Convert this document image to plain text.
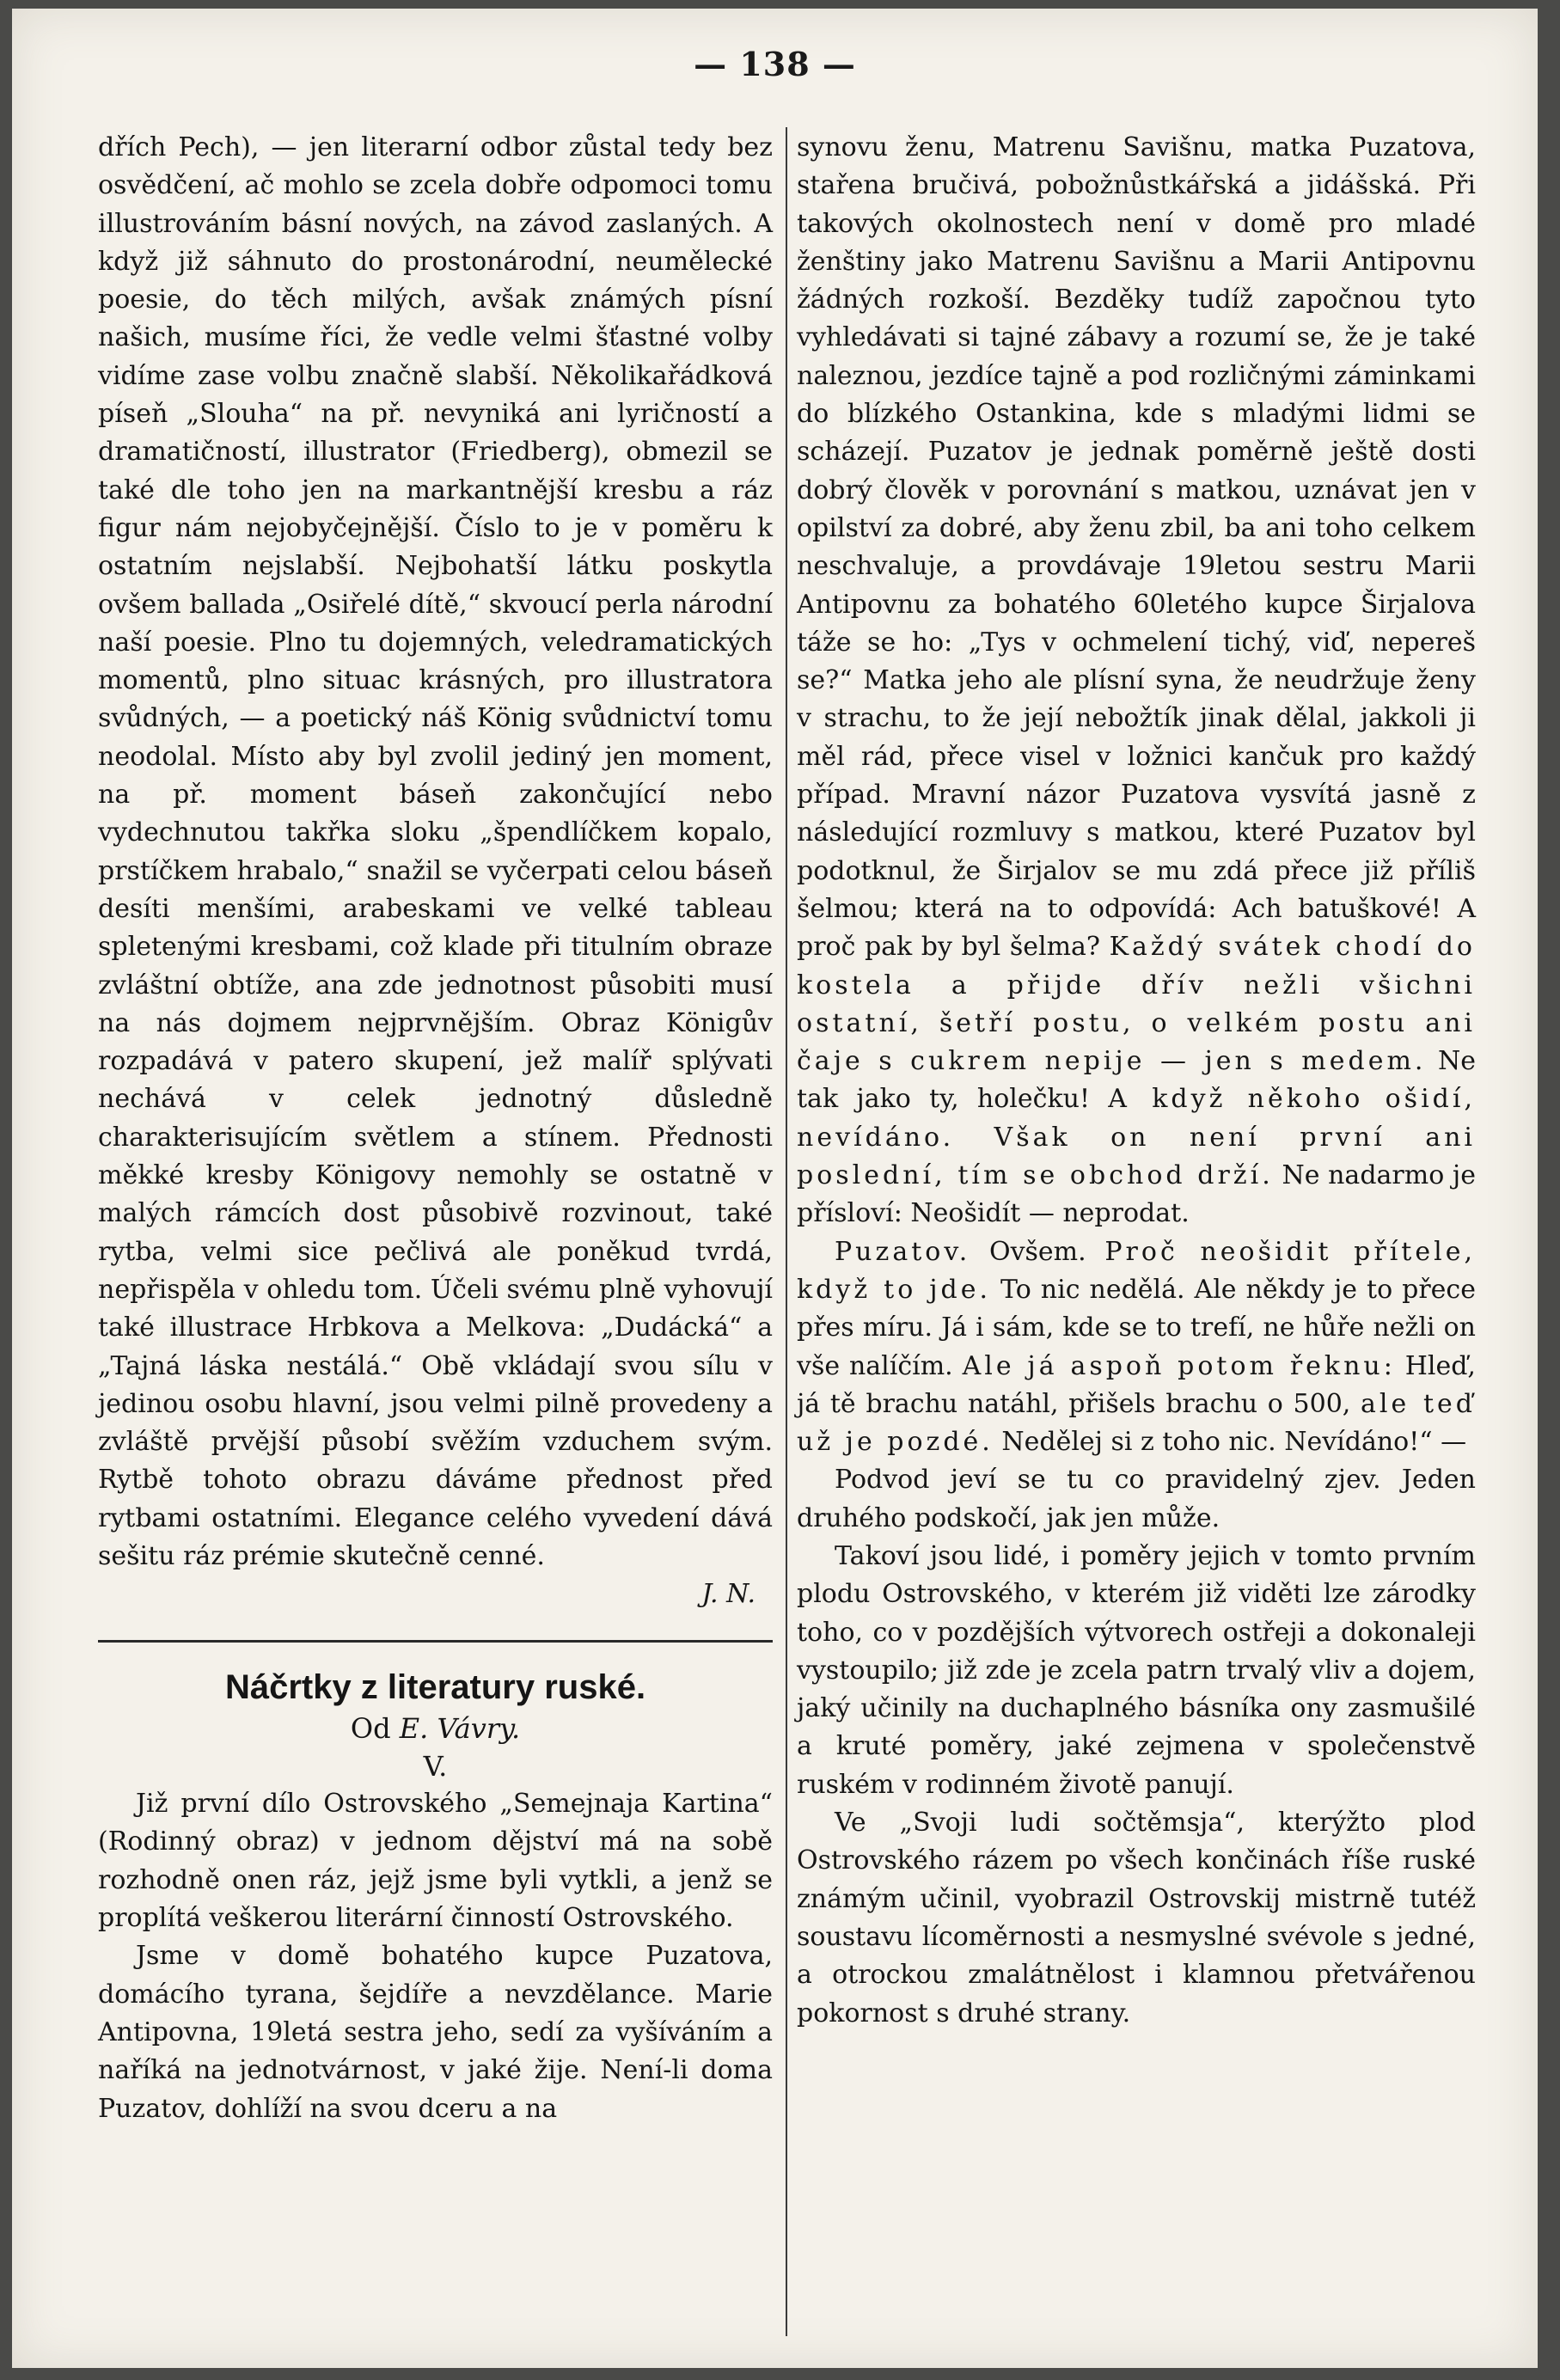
— 138 —

dřích Pech), — jen literarní odbor zůstal tedy bez osvědčení, ač mohlo se zcela dobře odpomoci tomu illustrováním básní nových, na závod zaslaných. A když již sáhnuto do prostonárodní, neumělecké poesie, do těch milých, avšak známých písní našich, musíme říci, že vedle velmi šťastné volby vidíme zase volbu značně slabší. Několikařádková píseň „Slouha“ na př. nevyniká ani lyričností a dramatičností, illustrator (Friedberg), obmezil se také dle toho jen na markantnější kresbu a ráz figur nám nejobyčejnější. Číslo to je v poměru k ostatním nejslabší. Nejbohatší látku poskytla ovšem ballada „Osiřelé dítě,“ skvoucí perla národní naší poesie. Plno tu dojemných, veledramatických momentů, plno situac krásných, pro illustratora svůdných, — a poetický náš König svůdnictví tomu neodolal. Místo aby byl zvolil jediný jen moment, na př. moment báseň zakončující nebo vydechnutou takřka sloku „špendlíčkem kopalo, prstíčkem hrabalo,“ snažil se vyčerpati celou báseň desíti menšími, arabeskami ve velké tableau spletenými kresbami, což klade při titulním obraze zvláštní obtíže, ana zde jednotnost působiti musí na nás dojmem nejprvnějším. Obraz Königův rozpadává v patero skupení, jež malíř splývati nechává v celek jednotný důsledně charakterisujícím světlem a stínem. Přednosti měkké kresby Königovy nemohly se ostatně v malých rámcích dost působivě rozvinout, také rytba, velmi sice pečlivá ale poněkud tvrdá, nepřispěla v ohledu tom. Účeli svému plně vyhovují také illustrace Hrbkova a Melkova: „Dudácká“ a „Tajná láska nestálá.“ Obě vkládají svou sílu v jedinou osobu hlavní, jsou velmi pilně provedeny a zvláště prvější působí svěžím vzduchem svým. Rytbě tohoto obrazu dáváme přednost před rytbami ostatními. Elegance celého vyvedení dává sešitu ráz prémie skutečně cenné.

J. N.

Náčrtky z literatury ruské.

Od E. Vávry.

V.

Již první dílo Ostrovského „Semejnaja Kartina“ (Rodinný obraz) v jednom dějství má na sobě rozhodně onen ráz, jejž jsme byli vytkli, a jenž se proplítá veškerou literární činností Ostrovského.

Jsme v domě bohatého kupce Puzatova, domácího tyrana, šejdíře a nevzdělance. Marie Antipovna, 19letá sestra jeho, sedí za vyšíváním a naříká na jednotvárnost, v jaké žije. Není-li doma Puzatov, dohlíží na svou dceru a na

synovu ženu, Matrenu Savišnu, matka Puzatova, stařena bručivá, pobožnůstkářská a jidášská. Při takových okolnostech není v domě pro mladé ženštiny jako Matrenu Savišnu a Marii Antipovnu žádných rozkoší. Bezděky tudíž započnou tyto vyhledávati si tajné zábavy a rozumí se, že je také naleznou, jezdíce tajně a pod rozličnými záminkami do blízkého Ostankina, kde s mladými lidmi se scházejí. Puzatov je jednak poměrně ještě dosti dobrý člověk v porovnání s matkou, uznávat jen v opilství za dobré, aby ženu zbil, ba ani toho celkem neschvaluje, a provdávaje 19letou sestru Marii Antipovnu za bohatého 60letého kupce Širjalova táže se ho: „Tys v ochmelení tichý, viď, nepereš se?“ Matka jeho ale plísní syna, že neudržuje ženy v strachu, to že její nebožtík jinak dělal, jakkoli ji měl rád, přece visel v ložnici kančuk pro každý případ. Mravní názor Puzatova vysvítá jasně z následující rozmluvy s matkou, které Puzatov byl podotknul, že Širjalov se mu zdá přece již příliš šelmou; která na to odpovídá: Ach batuškové! A proč pak by byl šelma? Každý svátek chodí do kostela a přijde dřív nežli všichni ostatní, šetří postu, o velkém postu ani čaje s cukrem nepije — jen s medem. Ne tak jako ty, holečku! A když někoho ošidí, nevídáno. Však on není první ani poslední, tím se obchod drží. Ne nadarmo je přísloví: Neošidít — neprodat.

Puzatov. Ovšem. Proč neošidit přítele, když to jde. To nic nedělá. Ale někdy je to přece přes míru. Já i sám, kde se to trefí, ne hůře nežli on vše nalíčím. Ale já aspoň potom řeknu: Hleď, já tě brachu natáhl, přišels brachu o 500, ale teď už je pozdé. Nedělej si z toho nic. Nevídáno!“ —

Podvod jeví se tu co pravidelný zjev. Jeden druhého podskočí, jak jen může.

Takoví jsou lidé, i poměry jejich v tomto prvním plodu Ostrovského, v kterém již viděti lze zárodky toho, co v pozdějších výtvorech ostřeji a dokonaleji vystoupilo; již zde je zcela patrn trvalý vliv a dojem, jaký učinily na duchaplného básníka ony zasmušilé a kruté poměry, jaké zejmena v společenstvě ruském v rodinném životě panují.

Ve „Svoji ludi sočtěmsja“, kterýžto plod Ostrovského rázem po všech končinách říše ruské známým učinil, vyobrazil Ostrovskij mistrně tutéž soustavu lícoměrnosti a nesmyslné svévole s jedné, a otrockou zmalátnělost i klamnou přetvářenou pokornost s druhé strany.
